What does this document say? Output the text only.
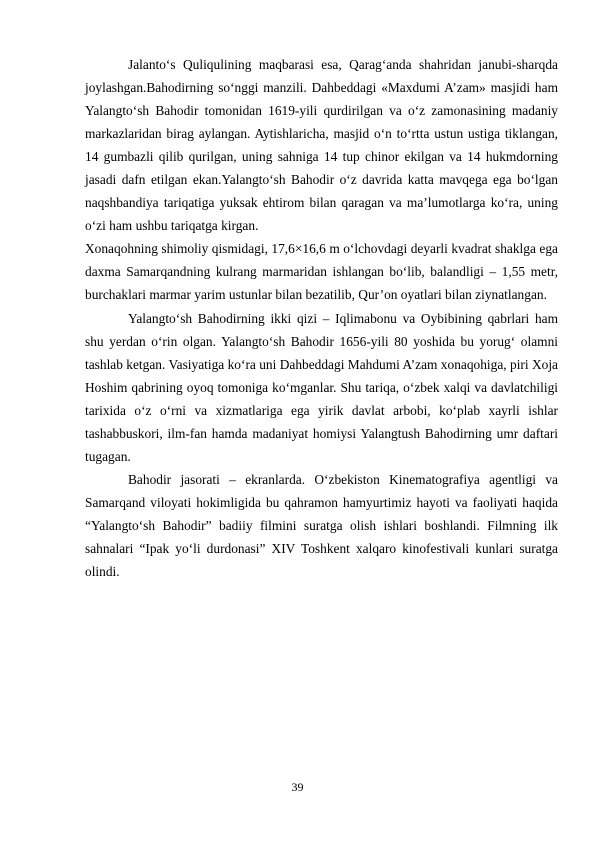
Jalanto‘s Quliqulining maqbarasi esa, Qarag‘anda shahridan janubi-sharqda joylashgan.Bahodirning so‘nggi manzili. Dahbeddagi «Maxdumi A’zam» masjidi ham Yalangto‘sh Bahodir tomonidan 1619-yili qurdirilgan va o‘z zamonasining madaniy markazlaridan birag aylangan. Aytishlaricha, masjid o‘n to‘rtta ustun ustiga tiklangan, 14 gumbazli qilib qurilgan, uning sahniga 14 tup chinor ekilgan va 14 hukmdorning jasadi dafn etilgan ekan.Yalangto‘sh Bahodir o‘z davrida katta mavqega ega bo‘lgan naqshbandiya tariqatiga yuksak ehtirom bilan qaragan va ma’lumotlarga ko‘ra, uning o‘zi ham ushbu tariqatga kirgan.

Xonaqohning shimoliy qismidagi, 17,6×16,6 m o‘lchovdagi deyarli kvadrat shaklga ega daxma Samarqandning kulrang marmaridan ishlangan bo‘lib, balandligi – 1,55 metr, burchaklari marmar yarim ustunlar bilan bezatilib, Qur’on oyatlari bilan ziynatlangan.

Yalangto‘sh Bahodirning ikki qizi – Iqlimabonu va Oybibining qabrlari ham shu yerdan o‘rin olgan. Yalangto‘sh Bahodir 1656-yili 80 yoshida bu yorug‘ olamni tashlab ketgan. Vasiyatiga ko‘ra uni Dahbeddagi Mahdumi A’zam xonaqohiga, piri Xoja Hoshim qabrining oyoq tomoniga ko‘mganlar. Shu tariqa, o‘zbek xalqi va davlatchiligi tarixida o‘z o‘rni va xizmatlariga ega yirik davlat arbobi, ko‘plab xayrli ishlar tashabbuskori, ilm-fan hamda madaniyat homiysi Yalangtush Bahodirning umr daftari tugagan.

Bahodir jasorati – ekranlarda. O‘zbekiston Kinematografiya agentligi va Samarqand viloyati hokimligida bu qahramon hamyurtimiz hayoti va faoliyati haqida “Yalangto‘sh Bahodir” badiiy filmini suratga olish ishlari boshlandi. Filmning ilk sahnalari “Ipak yo‘li durdonasi” XIV Toshkent xalqaro kinofestivali kunlari suratga olindi.

39
